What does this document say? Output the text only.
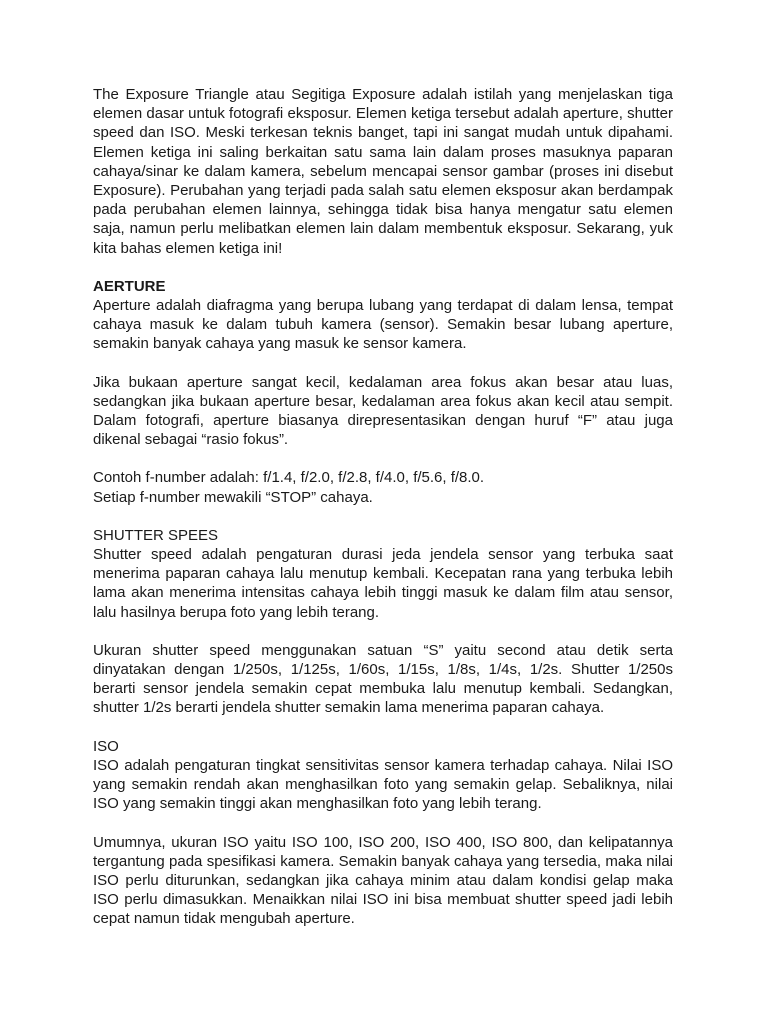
The Exposure Triangle atau Segitiga Exposure adalah istilah yang menjelaskan tiga elemen dasar untuk fotografi eksposur. Elemen ketiga tersebut adalah aperture, shutter speed dan ISO. Meski terkesan teknis banget, tapi ini sangat mudah untuk dipahami. Elemen ketiga ini saling berkaitan satu sama lain dalam proses masuknya paparan cahaya/sinar ke dalam kamera, sebelum mencapai sensor gambar (proses ini disebut Exposure). Perubahan yang terjadi pada salah satu elemen eksposur akan berdampak pada perubahan elemen lainnya, sehingga tidak bisa hanya mengatur satu elemen saja, namun perlu melibatkan elemen lain dalam membentuk eksposur. Sekarang, yuk kita bahas elemen ketiga ini!

AERTURE

Aperture adalah diafragma yang berupa lubang yang terdapat di dalam lensa, tempat cahaya masuk ke dalam tubuh kamera (sensor). Semakin besar lubang aperture, semakin banyak cahaya yang masuk ke sensor kamera.

Jika bukaan aperture sangat kecil, kedalaman area fokus akan besar atau luas, sedangkan jika bukaan aperture besar, kedalaman area fokus akan kecil atau sempit. Dalam fotografi, aperture biasanya direpresentasikan dengan huruf “F” atau juga dikenal sebagai “rasio fokus”.

Contoh f-number adalah: f/1.4, f/2.0, f/2.8, f/4.0, f/5.6, f/8.0.

Setiap f-number mewakili “STOP” cahaya.

SHUTTER SPEES

Shutter speed adalah pengaturan durasi jeda jendela sensor yang terbuka saat menerima paparan cahaya lalu menutup kembali. Kecepatan rana yang terbuka lebih lama akan menerima intensitas cahaya lebih tinggi masuk ke dalam film atau sensor, lalu hasilnya berupa foto yang lebih terang.

Ukuran shutter speed menggunakan satuan “S” yaitu second atau detik serta dinyatakan dengan 1/250s, 1/125s, 1/60s, 1/15s, 1/8s, 1/4s, 1/2s. Shutter 1/250s berarti sensor jendela semakin cepat membuka lalu menutup kembali. Sedangkan, shutter 1/2s berarti jendela shutter semakin lama menerima paparan cahaya.

ISO

ISO adalah pengaturan tingkat sensitivitas sensor kamera terhadap cahaya. Nilai ISO yang semakin rendah akan menghasilkan foto yang semakin gelap. Sebaliknya, nilai ISO yang semakin tinggi akan menghasilkan foto yang lebih terang.

Umumnya, ukuran ISO yaitu ISO 100, ISO 200, ISO 400, ISO 800, dan kelipatannya tergantung pada spesifikasi kamera. Semakin banyak cahaya yang tersedia, maka nilai ISO perlu diturunkan, sedangkan jika cahaya minim atau dalam kondisi gelap maka ISO perlu dimasukkan. Menaikkan nilai ISO ini bisa membuat shutter speed jadi lebih cepat namun tidak mengubah aperture.
